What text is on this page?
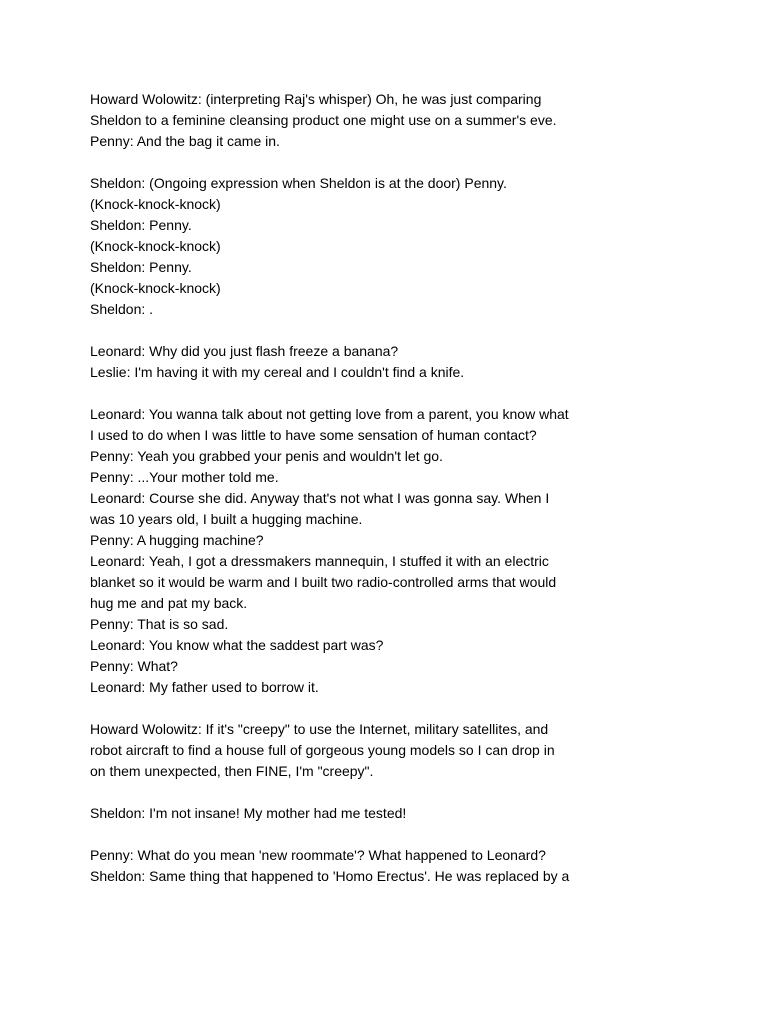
Howard Wolowitz: (interpreting Raj's whisper) Oh, he was just comparing
Sheldon to a feminine cleansing product one might use on a summer's eve.
Penny: And the bag it came in.
Sheldon: (Ongoing expression when Sheldon is at the door) Penny.
(Knock-knock-knock)
Sheldon: Penny.
(Knock-knock-knock)
Sheldon: Penny.
(Knock-knock-knock)
Sheldon: .
Leonard: Why did you just flash freeze a banana?
Leslie: I'm having it with my cereal and I couldn't find a knife.
Leonard: You wanna talk about not getting love from a parent, you know what
I used to do when I was little to have some sensation of human contact?
Penny: Yeah you grabbed your penis and wouldn't let go.
Penny: ...Your mother told me.
Leonard: Course she did. Anyway that's not what I was gonna say. When I
was 10 years old, I built a hugging machine.
Penny: A hugging machine?
Leonard: Yeah, I got a dressmakers mannequin, I stuffed it with an electric
blanket so it would be warm and I built two radio-controlled arms that would
hug me and pat my back.
Penny: That is so sad.
Leonard: You know what the saddest part was?
Penny: What?
Leonard: My father used to borrow it.
Howard Wolowitz: If it's "creepy" to use the Internet, military satellites, and
robot aircraft to find a house full of gorgeous young models so I can drop in
on them unexpected, then FINE, I'm "creepy".
Sheldon: I'm not insane! My mother had me tested!
Penny: What do you mean 'new roommate'? What happened to Leonard?
Sheldon: Same thing that happened to 'Homo Erectus'. He was replaced by a
